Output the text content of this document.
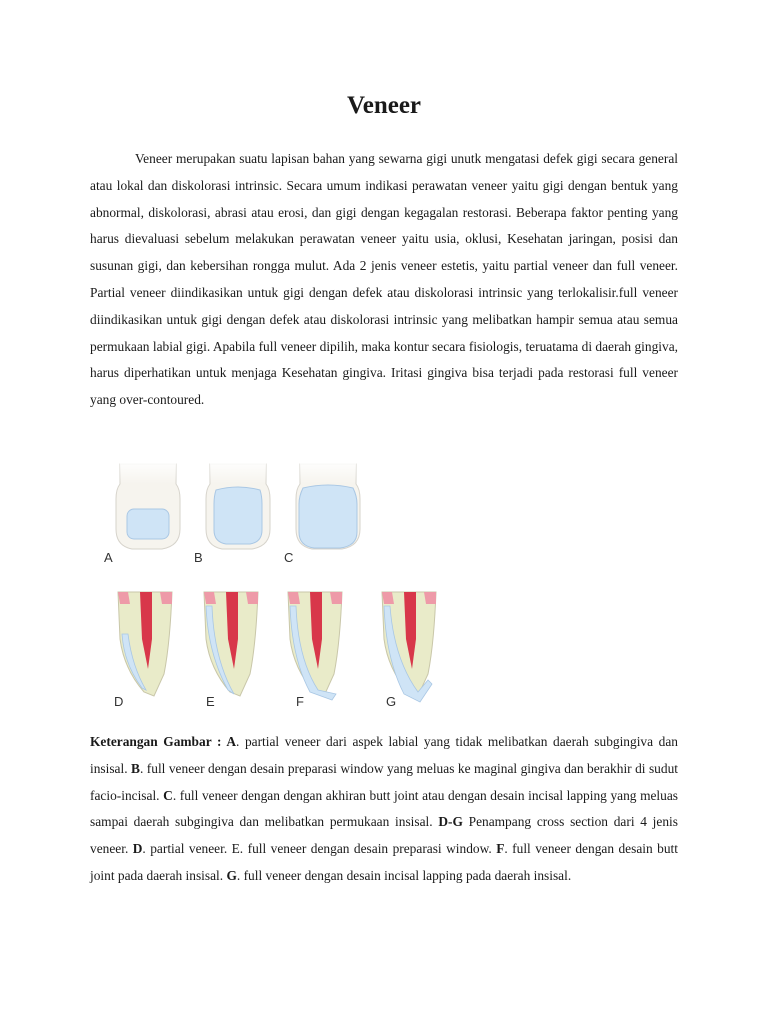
Veneer

Veneer merupakan suatu lapisan bahan yang sewarna gigi unutk mengatasi defek gigi secara general atau lokal dan diskolorasi intrinsic. Secara umum indikasi perawatan veneer yaitu gigi dengan bentuk yang abnormal, diskolorasi, abrasi atau erosi, dan gigi dengan kegagalan restorasi. Beberapa faktor penting yang harus dievaluasi sebelum melakukan perawatan veneer yaitu usia, oklusi, Kesehatan jaringan, posisi dan susunan gigi, dan kebersihan rongga mulut. Ada 2 jenis veneer estetis, yaitu partial veneer dan full veneer. Partial veneer diindikasikan untuk gigi dengan defek atau diskolorasi intrinsic yang terlokalisir.full veneer diindikasikan untuk gigi dengan defek atau diskolorasi intrinsic yang melibatkan hampir semua atau semua permukaan labial gigi. Apabila full veneer dipilih, maka kontur secara fisiologis, teruatama di daerah gingiva, harus diperhatikan untuk menjaga Kesehatan gingiva. Iritasi gingiva bisa terjadi pada restorasi full veneer yang over-contoured.

A	B	C
D	E	F	G

Keterangan Gambar : A. partial veneer dari aspek labial yang tidak melibatkan daerah subgingiva dan insisal. B. full veneer dengan desain preparasi window yang meluas ke maginal gingiva dan berakhir di sudut facio-incisal. C. full veneer dengan dengan akhiran butt joint atau dengan desain incisal lapping yang meluas sampai daerah subgingiva dan melibatkan permukaan insisal. D-G Penampang cross section dari 4 jenis veneer. D. partial veneer. E. full veneer dengan desain preparasi window. F. full veneer dengan desain butt joint pada daerah insisal. G. full veneer dengan desain incisal lapping pada daerah insisal.
